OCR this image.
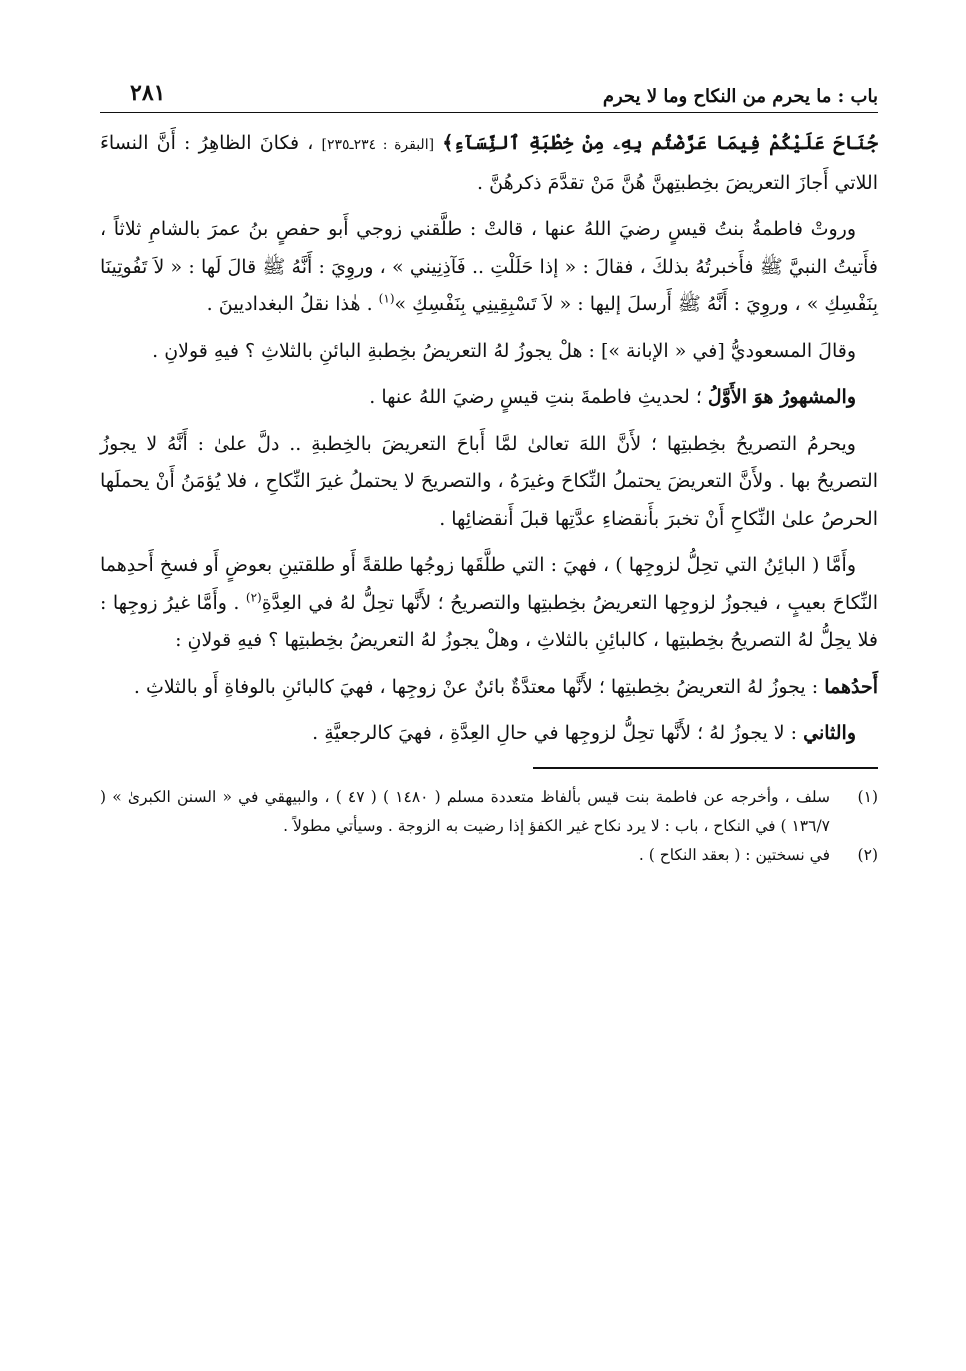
باب : ما يحرم من النكاح وما لا يحرم
٢٨١

جُنَاحَ عَلَيْكُمْ فِيمَا عَرَّضْتُم بِهِۦ مِنْ خِطْبَةِ ٱلنِّسَآءِ﴾ [البقرة : ٢٣٤ـ٢٣٥] ، فكانَ الظاهِرُ : أَنَّ النساءَ اللاتي أَجازَ التعريضَ بخِطبتِهنَّ هُنَّ مَنْ تقدَّمَ ذكرهُنَّ .

وروتْ فاطمةُ بنتُ قيسٍ رضيَ اللهُ عنها ، قالتْ : طلَّقني زوجي أَبو حفصٍ بنُ عمرَ بالشامِ ثلاثاً ، فأَتيتُ النبيَّ ﷺ فأَخبرتُهُ بذلكَ ، فقالَ : « إذا حَلَلْتِ .. فَآذِنِيني » ، وروِيَ : أَنَّهُ ﷺ قالَ لَها : « لاَ تَفُوتِينَا بِنَفْسِكِ » ، وروِيَ : أَنَّهُ ﷺ أَرسلَ إليها : « لاَ تَسْبِقِينِي بِنَفْسِكِ »$^{(١)}$ . هٰذا نقلُ البغداديينَ .

وقالَ المسعوديُّ [في « الإبانة »] : هلْ يجوزُ لهُ التعريضُ بخِطبةِ البائنِ بالثلاثِ ؟ فيهِ قولانِ .

والمشهورُ هوَ الأَوَّلُ ؛ لحديثِ فاطمةَ بنتِ قيسٍ رضيَ اللهُ عنها .

ويحرمُ التصريحُ بخِطبتِها ؛ لأَنَّ اللهَ تعالىٰ لمَّا أَباحَ التعريضَ بالخِطبةِ .. دلَّ علىٰ : أَنَّهُ لا يجوزُ التصريحُ بها . ولأَنَّ التعريضَ يحتملُ النِّكاحَ وغيرَهُ ، والتصريحَ لا يحتملُ غيرَ النِّكاحِ ، فلا يُؤمَنُ أَنْ يحملَها الحرصُ علىٰ النِّكاحِ أَنْ تخبرَ بأَنقضاءِ عدَّتِها قبلَ أَنقضائِها .

وأَمَّا ( البائِنُ التي تحِلُّ لزوجِها ) ، فهيَ : التي طلَّقَها زوجُها طلقةً أَو طلقتينِ بعوضٍ أَو فسخِ أَحدِهما النِّكاحَ بعيبٍ ، فيجوزُ لزوجِها التعريضُ بخِطبتِها والتصريحُ ؛ لأَنَّها تحِلُّ لهُ في العِدَّةِ$^{(٢)}$ . وأَمَّا غيرُ زوجِها : فلا يحِلُّ لهُ التصريحُ بخِطبتِها ، كالبائِنِ بالثلاثِ ، وهلْ يجوزُ لهُ التعريضُ بخِطبتِها ؟ فيهِ قولانِ :

أَحدُهما : يجوزُ لهُ التعريضُ بخِطبتِها ؛ لأَنَّها معتدَّةٌ بائنٌ عنْ زوجِها ، فهيَ كالبائنِ بالوفاةِ أَو بالثلاثِ .

والثاني : لا يجوزُ لهُ ؛ لأَنَّها تحِلُّ لزوجِها في حالِ العِدَّةِ ، فهيَ كالرجعيَّةِ .

(١)
سلف ، وأخرجه عن فاطمة بنت قيس بألفاظ متعددة مسلم ( ١٤٨٠ ) ( ٤٧ ) ، والبيهقي في « السنن الكبرىٰ » ( ١٣٦/٧ ) في النكاح ، باب : لا يرد نكاح غير الكفؤ إذا رضيت به الزوجة . وسيأتي مطولاً .
(٢)
في نسختين : ( بعقد النكاح ) .
